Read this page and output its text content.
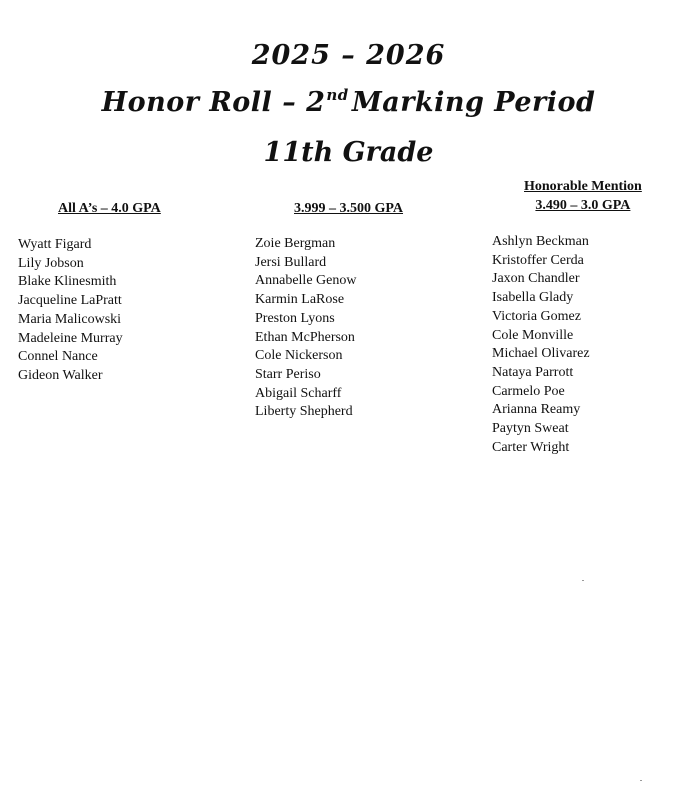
2025 – 2026
Honor Roll – 2nd Marking Period
11th Grade
All A’s – 4.0 GPA	3.999 – 3.500 GPA
Honorable Mention
3.490 – 3.0 GPA
Wyatt Figard
Lily Jobson
Blake Klinesmith
Jacqueline LaPratt
Maria Malicowski
Madeleine Murray
Connel Nance
Gideon Walker
Zoie Bergman
Jersi Bullard
Annabelle Genow
Karmin LaRose
Preston Lyons
Ethan McPherson
Cole Nickerson
Starr Periso
Abigail Scharff
Liberty Shepherd
Ashlyn Beckman
Kristoffer Cerda
Jaxon Chandler
Isabella Glady
Victoria Gomez
Cole Monville
Michael Olivarez
Nataya Parrott
Carmelo Poe
Arianna Reamy
Paytyn Sweat
Carter Wright
